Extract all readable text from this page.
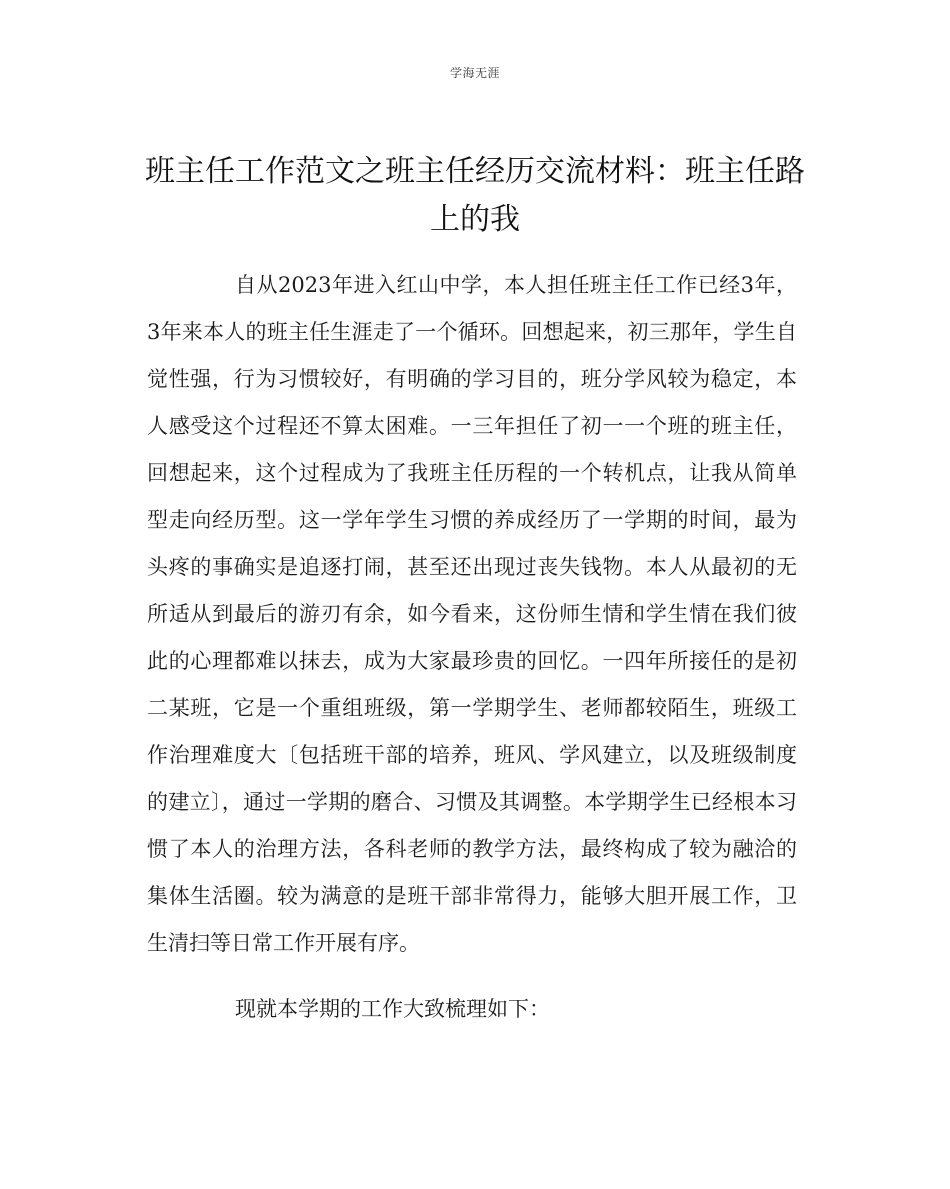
学海无涯
班主任工作范文之班主任经历交流材料：班主任路上的我

自从2023年进入红山中学，本人担任班主任工作已经3年，3年来本人的班主任生涯走了一个循环。回想起来，初三那年，学生自觉性强，行为习惯较好，有明确的学习目的，班分学风较为稳定，本人感受这个过程还不算太困难。一三年担任了初一一个班的班主任，回想起来，这个过程成为了我班主任历程的一个转机点，让我从简单型走向经历型。这一学年学生习惯的养成经历了一学期的时间，最为头疼的事确实是追逐打闹，甚至还出现过丧失钱物。本人从最初的无所适从到最后的游刃有余，如今看来，这份师生情和学生情在我们彼此的心理都难以抹去，成为大家最珍贵的回忆。一四年所接任的是初二某班，它是一个重组班级，第一学期学生、老师都较陌生，班级工作治理难度大〔包括班干部的培养，班风、学风建立，以及班级制度的建立〕，通过一学期的磨合、习惯及其调整。本学期学生已经根本习惯了本人的治理方法，各科老师的教学方法，最终构成了较为融洽的集体生活圈。较为满意的是班干部非常得力，能够大胆开展工作，卫生清扫等日常工作开展有序。

现就本学期的工作大致梳理如下：
